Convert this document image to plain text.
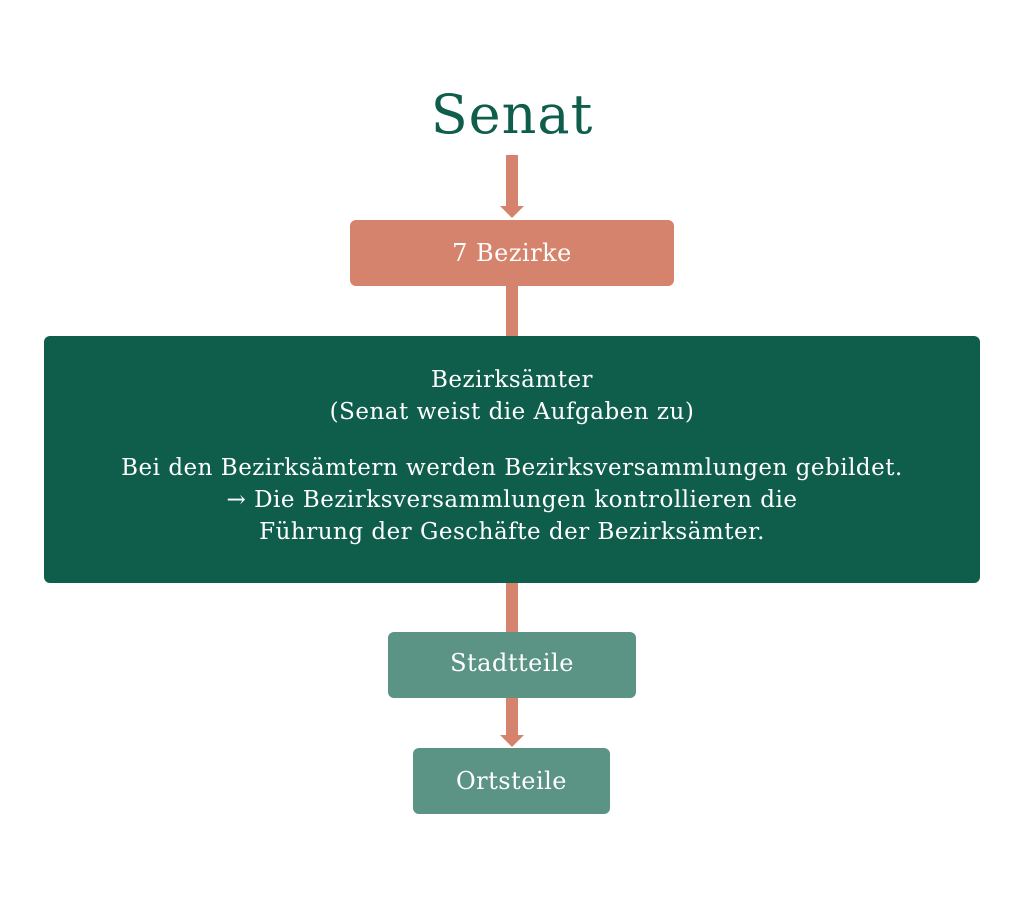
Senat
7 Bezirke
Bezirksämter
(Senat weist die Aufgaben zu)
Bei den Bezirksämtern werden Bezirksversammlungen gebildet.
→ Die Bezirksversammlungen kontrollieren die
Führung der Geschäfte der Bezirksämter.
Stadtteile
Ortsteile
